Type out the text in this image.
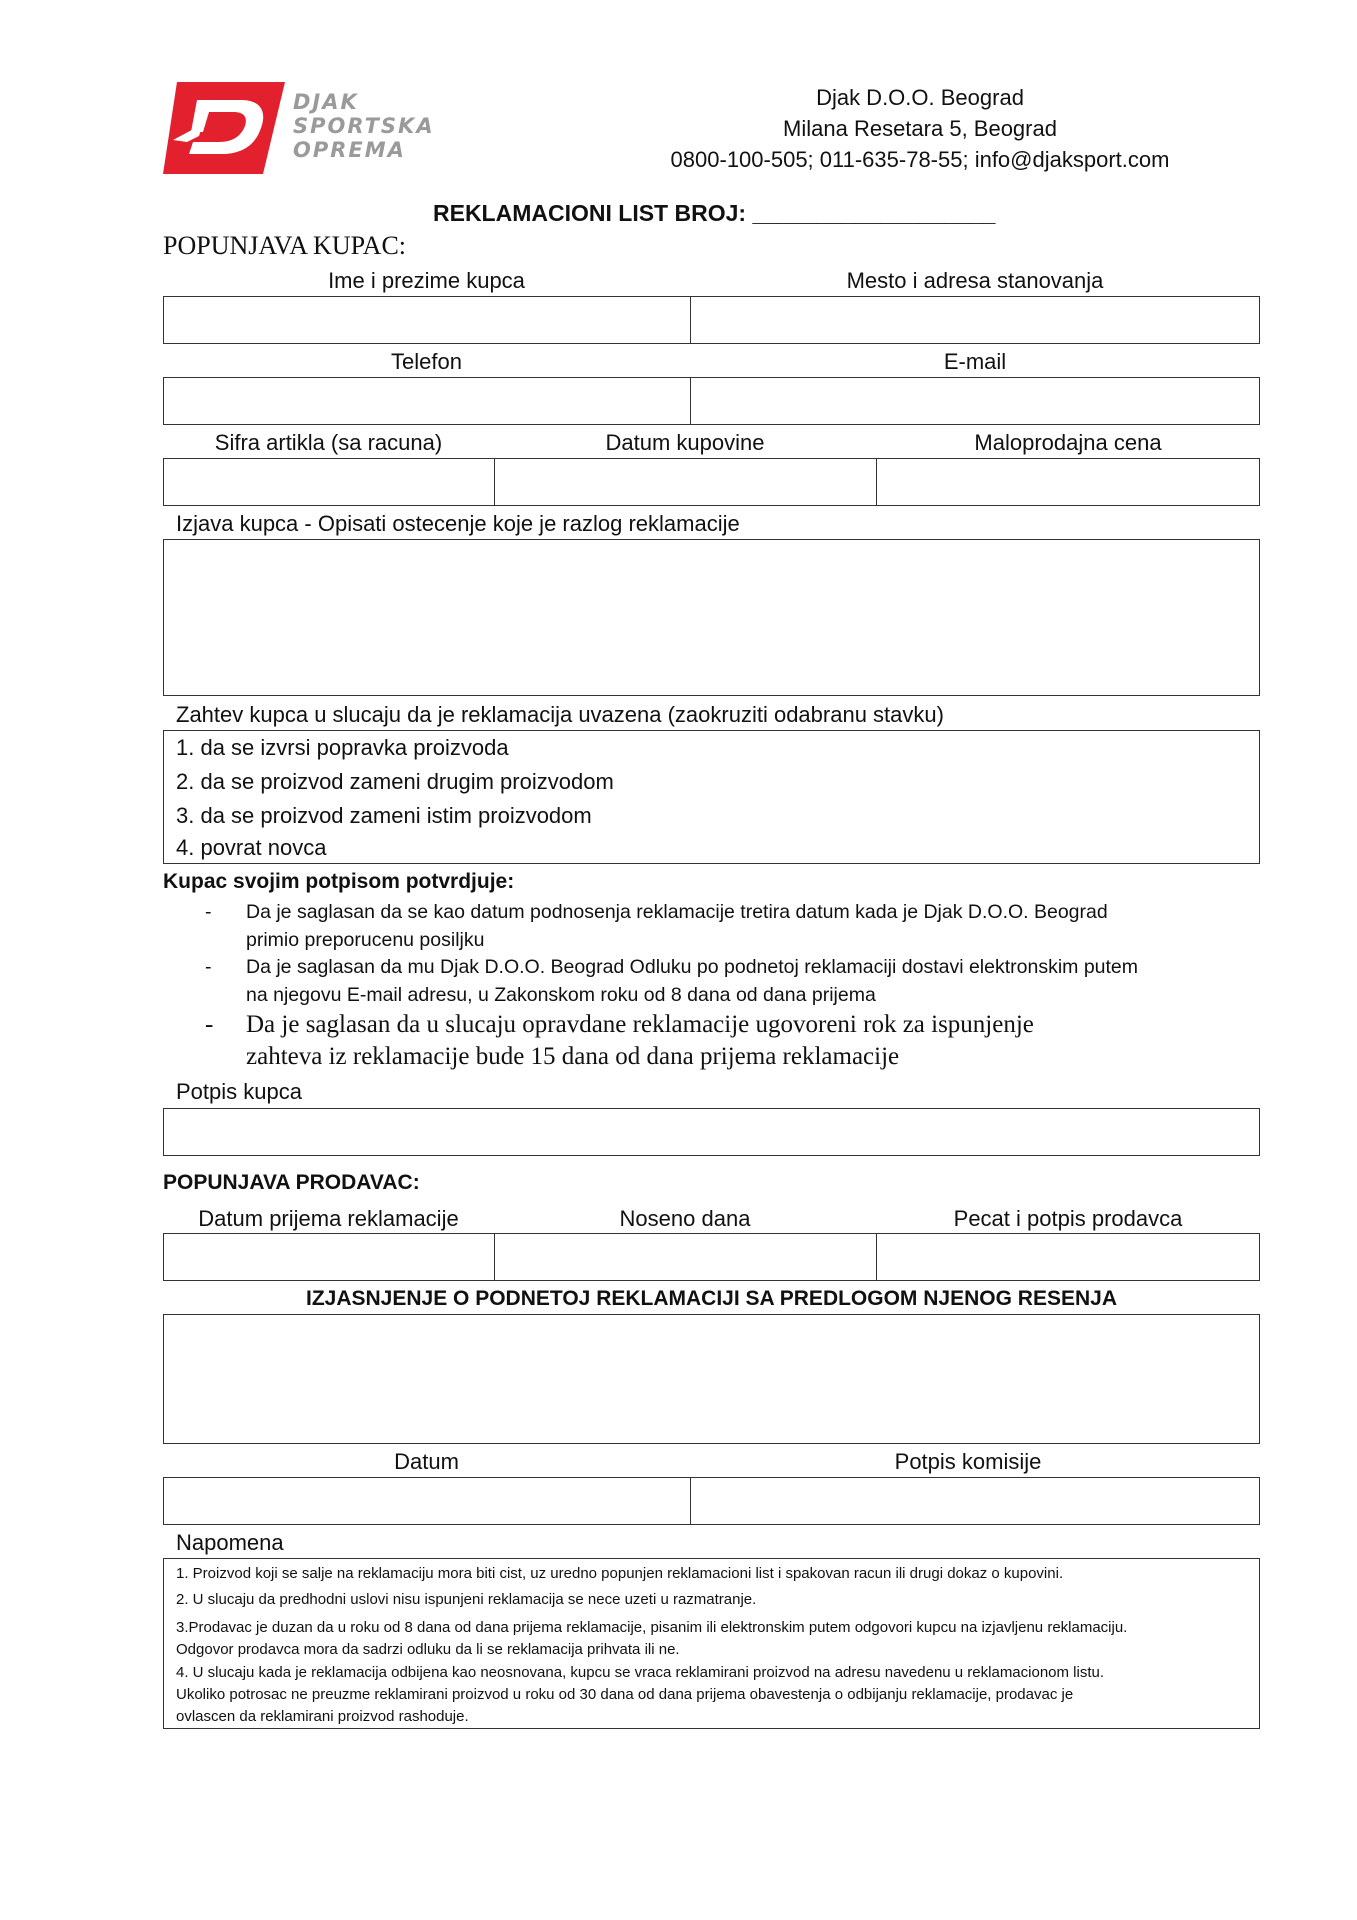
DJAK
SPORTSKA
OPREMA
Djak D.O.O. Beograd
Milana Resetara 5, Beograd
0800-100-505; 011-635-78-55; info@djaksport.com
REKLAMACIONI LIST BROJ: ___________________
POPUNJAVA KUPAC:
Ime i prezime kupca	Mesto i adresa stanovanja
Telefon	E-mail
Sifra artikla (sa racuna)	Datum kupovine	Maloprodajna cena
Izjava kupca - Opisati ostecenje koje je razlog reklamacije
Zahtev kupca u slucaju da je reklamacija uvazena (zaokruziti odabranu stavku)
1. da se izvrsi popravka proizvoda
2. da se proizvod zameni drugim proizvodom
3. da se proizvod zameni istim proizvodom
4. povrat novca
Kupac svojim potpisom potvrdjuje:
- Da je saglasan da se kao datum podnosenja reklamacije tretira datum kada je Djak D.O.O. Beograd
primio preporucenu posiljku
- Da je saglasan da mu Djak D.O.O. Beograd Odluku po podnetoj reklamaciji dostavi elektronskim putem
na njegovu E-mail adresu, u Zakonskom roku od 8 dana od dana prijema
- Da je saglasan da u slucaju opravdane reklamacije ugovoreni rok za ispunjenje
zahteva iz reklamacije bude 15 dana od dana prijema reklamacije
Potpis kupca
POPUNJAVA PRODAVAC:
Datum prijema reklamacije	Noseno dana	Pecat i potpis prodavca
IZJASNJENJE O PODNETOJ REKLAMACIJI SA PREDLOGOM NJENOG RESENJA
Datum	Potpis komisije
Napomena
1. Proizvod koji se salje na reklamaciju mora biti cist, uz uredno popunjen reklamacioni list i spakovan racun ili drugi dokaz o kupovini.
2. U slucaju da predhodni uslovi nisu ispunjeni reklamacija se nece uzeti u razmatranje.
3.Prodavac je duzan da u roku od 8 dana od dana prijema reklamacije, pisanim ili elektronskim putem odgovori kupcu na izjavljenu reklamaciju.
Odgovor prodavca mora da sadrzi odluku da li se reklamacija prihvata ili ne.
4. U slucaju kada je reklamacija odbijena kao neosnovana, kupcu se vraca reklamirani proizvod na adresu navedenu u reklamacionom listu.
Ukoliko potrosac ne preuzme reklamirani proizvod u roku od 30 dana od dana prijema obavestenja o odbijanju reklamacije, prodavac je
ovlascen da reklamirani proizvod rashoduje.
